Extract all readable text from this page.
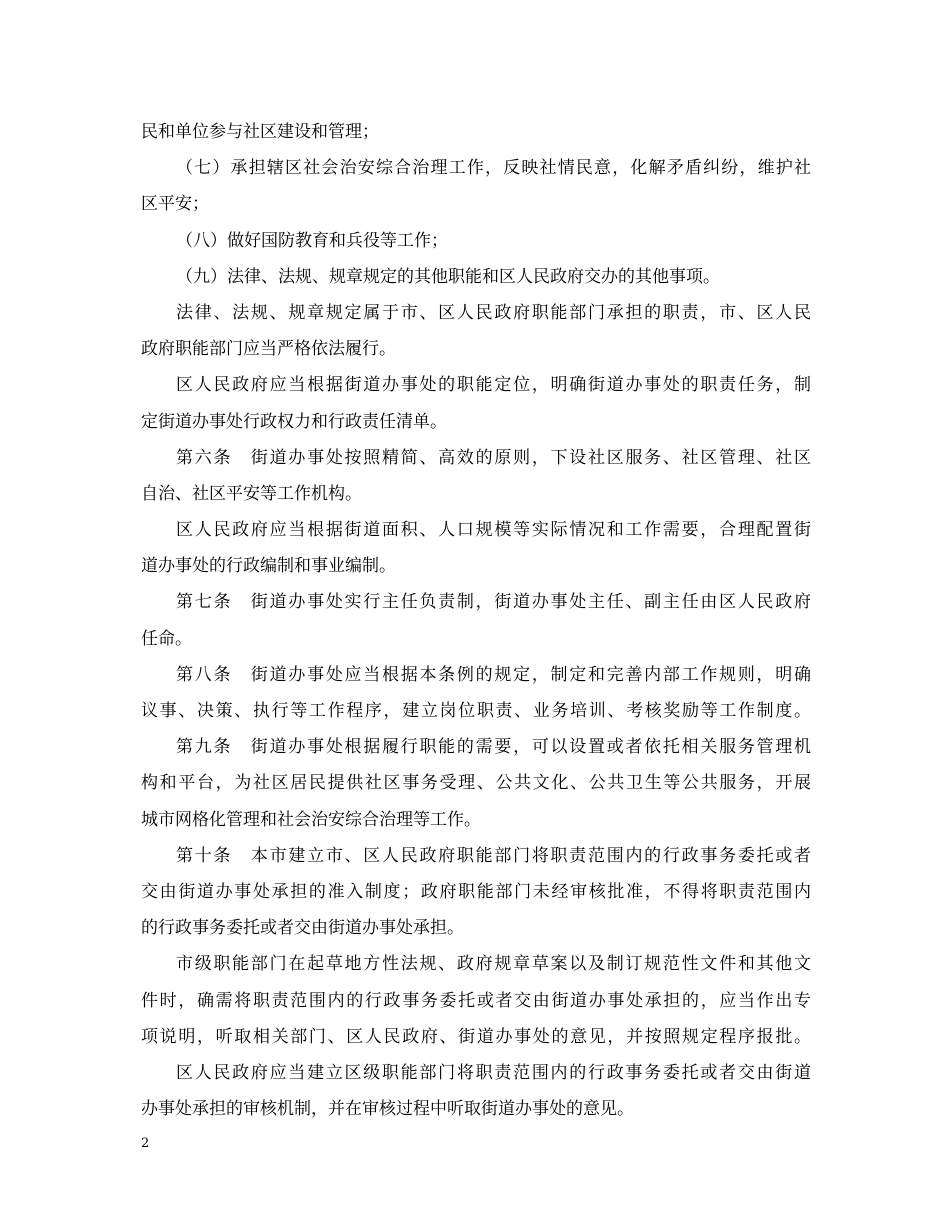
民和单位参与社区建设和管理；
（七）承担辖区社会治安综合治理工作，反映社情民意，化解矛盾纠纷，维护社
区平安；
（八）做好国防教育和兵役等工作；
（九）法律、法规、规章规定的其他职能和区人民政府交办的其他事项。
法律、法规、规章规定属于市、区人民政府职能部门承担的职责，市、区人民
政府职能部门应当严格依法履行。
区人民政府应当根据街道办事处的职能定位，明确街道办事处的职责任务，制
定街道办事处行政权力和行政责任清单。
第六条　街道办事处按照精简、高效的原则，下设社区服务、社区管理、社区
自治、社区平安等工作机构。
区人民政府应当根据街道面积、人口规模等实际情况和工作需要，合理配置街
道办事处的行政编制和事业编制。
第七条　街道办事处实行主任负责制，街道办事处主任、副主任由区人民政府
任命。
第八条　街道办事处应当根据本条例的规定，制定和完善内部工作规则，明确
议事、决策、执行等工作程序，建立岗位职责、业务培训、考核奖励等工作制度。
第九条　街道办事处根据履行职能的需要，可以设置或者依托相关服务管理机
构和平台，为社区居民提供社区事务受理、公共文化、公共卫生等公共服务，开展
城市网格化管理和社会治安综合治理等工作。
第十条　本市建立市、区人民政府职能部门将职责范围内的行政事务委托或者
交由街道办事处承担的准入制度；政府职能部门未经审核批准，不得将职责范围内
的行政事务委托或者交由街道办事处承担。
市级职能部门在起草地方性法规、政府规章草案以及制订规范性文件和其他文
件时，确需将职责范围内的行政事务委托或者交由街道办事处承担的，应当作出专
项说明，听取相关部门、区人民政府、街道办事处的意见，并按照规定程序报批。
区人民政府应当建立区级职能部门将职责范围内的行政事务委托或者交由街道
办事处承担的审核机制，并在审核过程中听取街道办事处的意见。
2
